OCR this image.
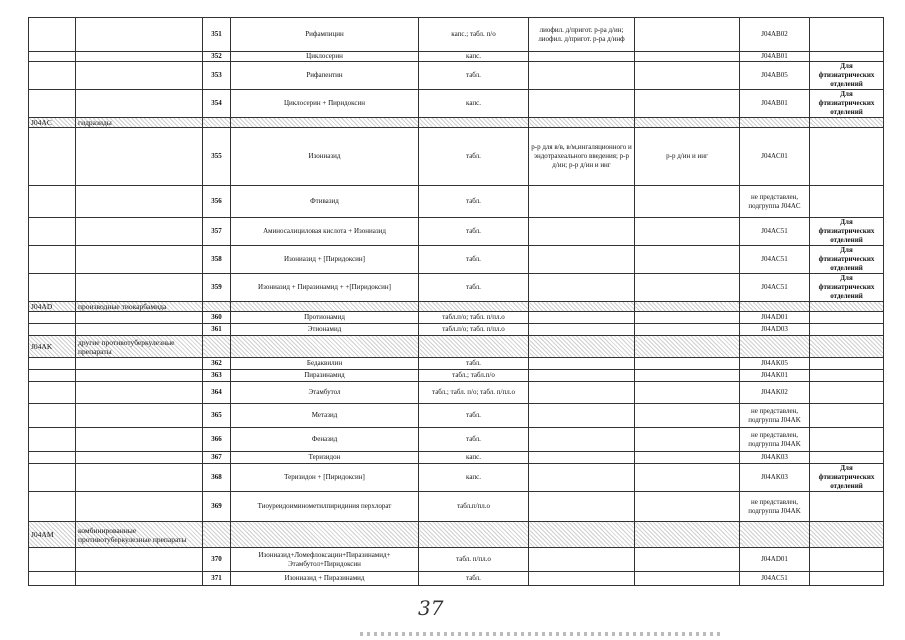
		351	Рифампицин	капс.; табл. п/о	лиофил. д/пригот. р-ра д/ин; лиофил. д/пригот. р-ра д/инф		J04AB02	
		352	Циклосерин	капс.			J04AB01	
		353	Рифапентин	табл.			J04AB05	Для фтизиатрических отделений
		354	Циклосерин + Пиридоксин	капс.			J04AB01	Для фтизиатрических отделений
J04AC	гидразиды							
		355	Изониазид	табл.	р-р для в/в, в/м,ингаляционного и эндотрахеального введения; р-р д/ин; р-р д/ин и инг	р-р д/ин и инг	J04AC01	
		356	Фтивазид	табл.			не представлен, подгруппа J04AC	
		357	Аминосалициловая кислота + Изониазид	табл.			J04AC51	Для фтизиатрических отделений
		358	Изониазид + [Пиридоксин]	табл.			J04AC51	Для фтизиатрических отделений
		359	Изониазид + Пиразинамид + +[Пиридоксин]	табл.			J04AC51	Для фтизиатрических отделений
J04AD	производные тиокарбамида							
		360	Протионамид	табл.п/о; табл. п/пл.о			J04AD01	
		361	Этионамид	табл.п/о; табл. п/пл.о			J04AD03	
J04AK	другие противотуберкулезные препараты							
		362	Бедаквилин	табл.			J04AK05	
		363	Пиразинамид	табл.; табл.п/о			J04AK01	
		364	Этамбутол	табл.; табл. п/о; табл. п/пл.о			J04AK02	
		365	Метазид	табл.			не представлен, подгруппа J04AK	
		366	Феназид	табл.			не представлен, подгруппа J04AK	
		367	Теризидон	капс.			J04AK03	
		368	Теризидон + [Пиридоксин]	капс.			J04AK03	Для фтизиатрических отделений
		369	Тиоуреидоиминометилпиридиния перхлорат	табл.п/пл.о			не представлен, подгруппа J04AK	
J04AM	комбинированные противотуберкулезные препараты							
		370	Изониазид+Ломефлоксацин+Пиразинамид+ Этамбутол+Пиридоксин	табл. п/пл.о			J04AD01	
		371	Изониазид + Пиразинамид	табл.			J04AC51	
37
